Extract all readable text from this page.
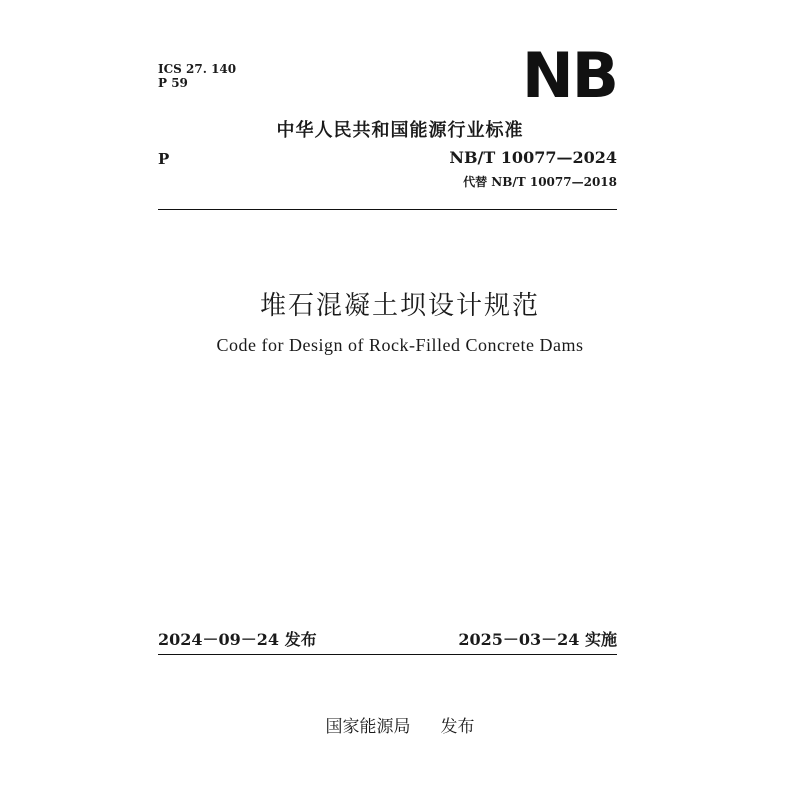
ICS 27. 140
P 59	NB
中华人民共和国能源行业标准
P	NB/T 10077—2024
代替 NB/T 10077—2018
堆石混凝土坝设计规范
Code for Design of Rock-Filled Concrete Dams
2024－09－24 发布	2025－03－24 实施
国家能源局 发布
